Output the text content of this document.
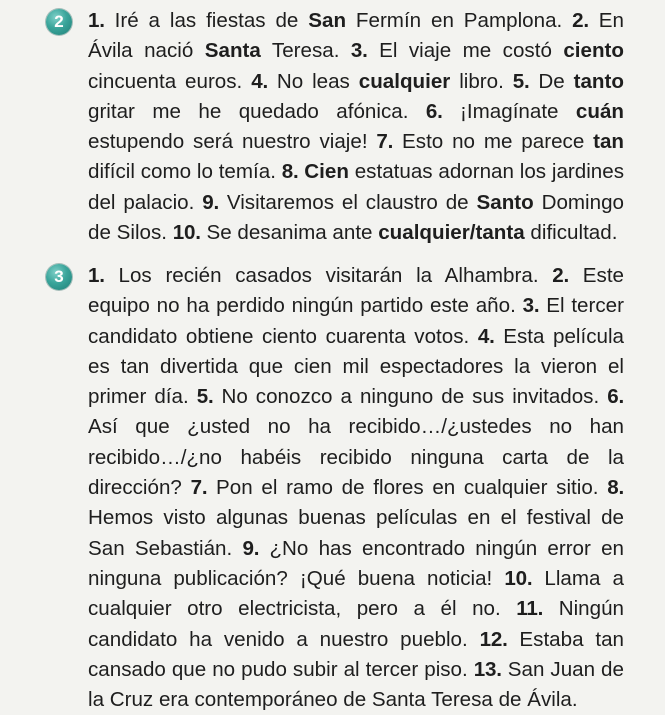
2	1. Iré a las fiestas de San Fermín en Pamplona. 2. En Ávila nació Santa Teresa. 3. El viaje me costó ciento cincuenta euros. 4. No leas cualquier libro. 5. De tanto gritar me he quedado afónica. 6. ¡Imagínate cuán estupendo será nuestro viaje! 7. Esto no me parece tan difícil como lo temía. 8. Cien estatuas adornan los jardines del palacio. 9. Visitaremos el claustro de Santo Domingo de Silos. 10. Se desanima ante cualquier/tanta dificultad.
3	1. Los recién casados visitarán la Alhambra. 2. Este equipo no ha perdido ningún partido este año. 3. El tercer candidato obtiene ciento cuarenta votos. 4. Esta película es tan divertida que cien mil espectadores la vieron el primer día. 5. No conozco a ninguno de sus invitados. 6. Así que ¿usted no ha recibido…/¿ustedes no han recibido…/¿no habéis recibido ninguna carta de la dirección? 7. Pon el ramo de flores en cualquier sitio. 8. Hemos visto algunas buenas películas en el festival de San Sebastián. 9. ¿No has encontrado ningún error en ninguna publicación? ¡Qué buena noticia! 10. Llama a cualquier otro electricista, pero a él no. 11. Ningún candidato ha venido a nuestro pueblo. 12. Estaba tan cansado que no pudo subir al tercer piso. 13. San Juan de la Cruz era contemporáneo de Santa Teresa de Ávila.
